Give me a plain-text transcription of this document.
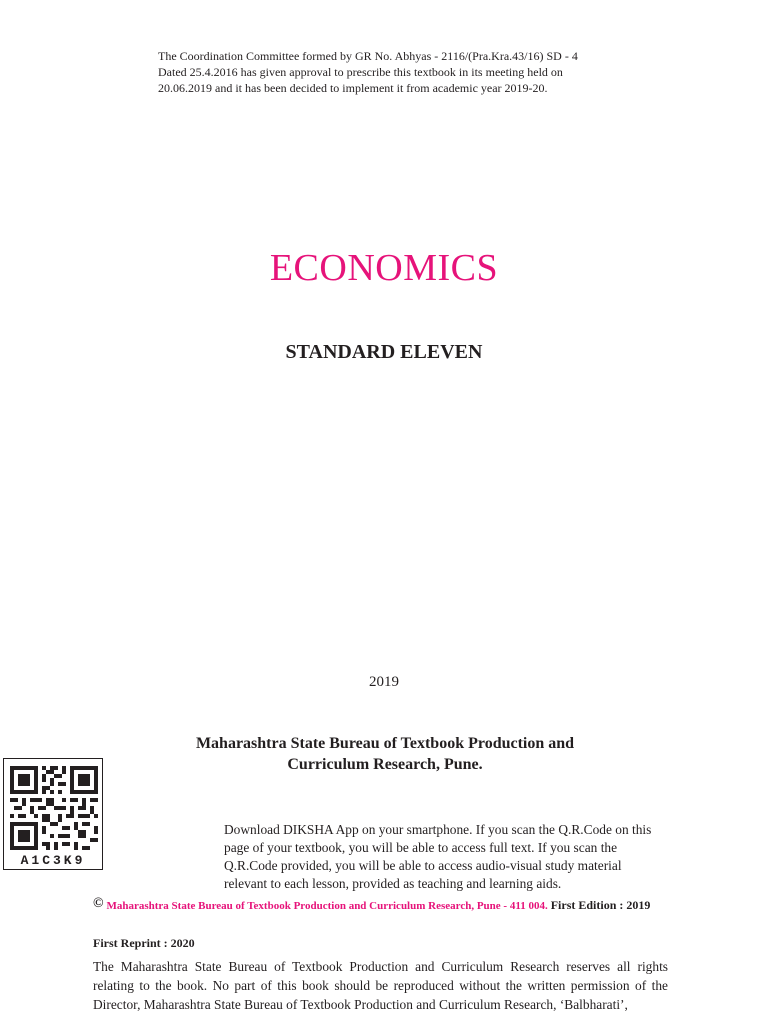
The Coordination Committee formed by GR No. Abhyas - 2116/(Pra.Kra.43/16) SD - 4
Dated 25.4.2016 has given approval to prescribe this textbook in its meeting held on
20.06.2019 and it has been decided to implement it from academic year 2019-20.
ECONOMICS
STANDARD ELEVEN
2019
Maharashtra State Bureau of Textbook Production and
Curriculum Research, Pune.
A1C3K9
Download DIKSHA App on your smartphone. If you scan the Q.R.Code on this page of your textbook, you will be able to access full text. If you scan the Q.R.Code provided, you will be able to access audio-visual study material relevant to each lesson, provided as teaching and learning aids.
© Maharashtra State Bureau of Textbook Production and Curriculum Research, Pune - 411 004. First Edition : 2019
First Reprint : 2020
The Maharashtra State Bureau of Textbook Production and Curriculum Research reserves all rights relating to the book. No part of this book should be reproduced without the written permission of the Director, Maharashtra State Bureau of Textbook Production and Curriculum Research, ‘Balbharati’,
